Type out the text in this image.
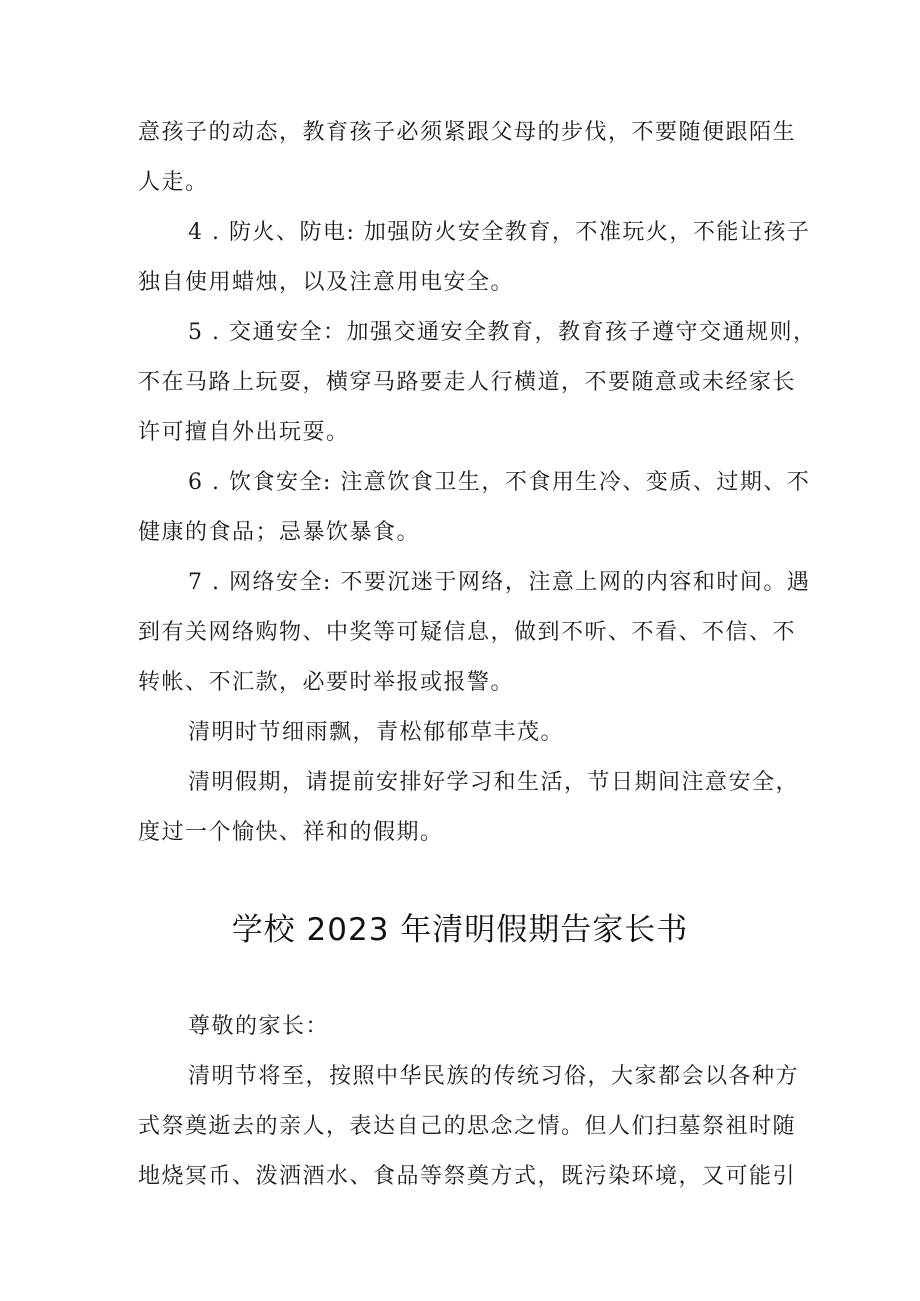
意孩子的动态，教育孩子必须紧跟父母的步伐，不要随便跟陌生
人走。
4 . 防火、防电: 加强防火安全教育，不准玩火，不能让孩子
独自使用蜡烛，以及注意用电安全。
5 . 交通安全：加强交通安全教育，教育孩子遵守交通规则，
不在马路上玩耍，横穿马路要走人行横道，不要随意或未经家长
许可擅自外出玩耍。
6 . 饮食安全: 注意饮食卫生，不食用生冷、变质、过期、不
健康的食品；忌暴饮暴食。
7 . 网络安全: 不要沉迷于网络，注意上网的内容和时间。遇
到有关网络购物、中奖等可疑信息，做到不听、不看、不信、不
转帐、不汇款，必要时举报或报警。
清明时节细雨飘，青松郁郁草丰茂。
清明假期，请提前安排好学习和生活，节日期间注意安全，
度过一个愉快、祥和的假期。
学校 2023 年清明假期告家长书
尊敬的家长：
清明节将至，按照中华民族的传统习俗，大家都会以各种方
式祭奠逝去的亲人，表达自己的思念之情。但人们扫墓祭祖时随
地烧冥币、泼洒酒水、食品等祭奠方式，既污染环境，又可能引
